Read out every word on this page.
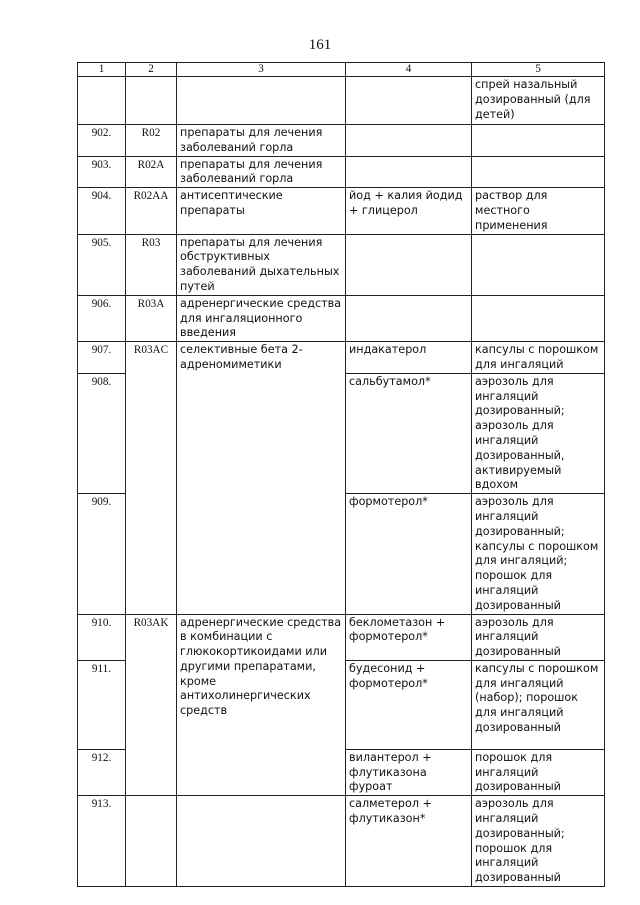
161
1	2	3	4	5
				спрей назальный дозированный (для детей)
902.	R02	препараты для лечения заболеваний горла		
903.	R02A	препараты для лечения заболеваний горла		
904.	R02AA	антисептические препараты	йод + калия йодид + глицерол	раствор для местного применения
905.	R03	препараты для лечения обструктивных заболеваний дыхательных путей		
906.	R03A	адренергические средства для ингаляционного введения		
907.	R03AC	селективные бета 2-адреномиметики	индакатерол	капсулы с порошком для ингаляций
908.			сальбутамол*	аэрозоль для ингаляций дозированный; аэрозоль для ингаляций дозированный, активируемый вдохом
909.			формотерол*	аэрозоль для ингаляций дозированный; капсулы с порошком для ингаляций; порошок для ингаляций дозированный
910.	R03AK	адренергические средства в комбинации с глюкокортикоидами или другими препаратами, кроме антихолинергических средств	беклометазон + формотерол*	аэрозоль для ингаляций дозированный
911.			будесонид + формотерол*	капсулы с порошком для ингаляций (набор); порошок для ингаляций дозированный
912.			вилантерол + флутиказона фуроат	порошок для ингаляций дозированный
913.			салметерол + флутиказон*	аэрозоль для ингаляций дозированный; порошок для ингаляций дозированный
